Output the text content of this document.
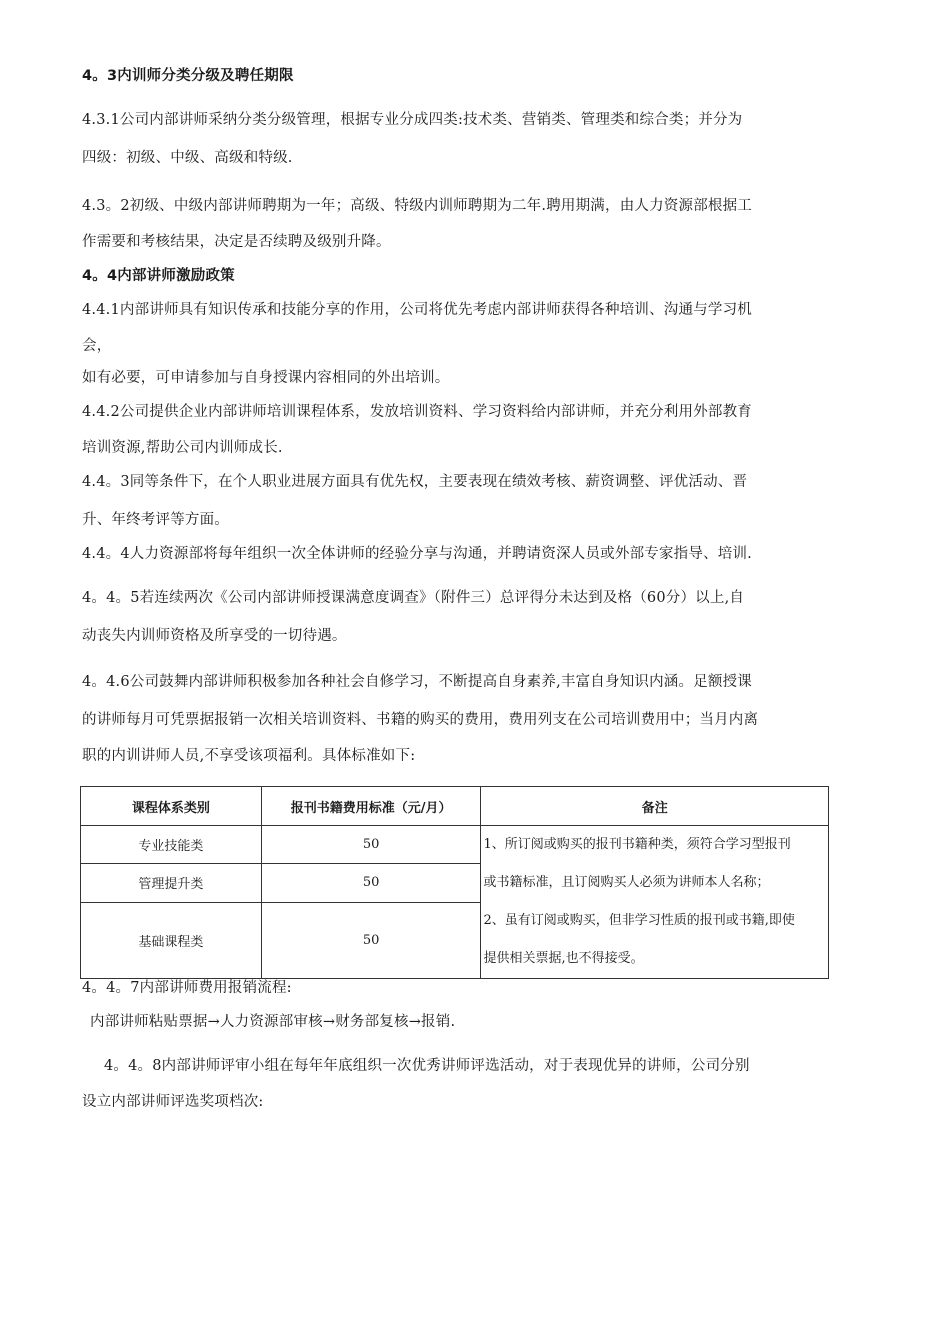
4。3内训师分类分级及聘任期限
4.3.1公司内部讲师采纳分类分级管理，根据专业分成四类:技术类、营销类、管理类和综合类；并分为
四级：初级、中级、高级和特级.
4.3。2初级、中级内部讲师聘期为一年；高级、特级内训师聘期为二年.聘用期满，由人力资源部根据工
作需要和考核结果，决定是否续聘及级别升降。
4。4内部讲师激励政策
4.4.1内部讲师具有知识传承和技能分享的作用，公司将优先考虑内部讲师获得各种培训、沟通与学习机
会，
如有必要，可申请参加与自身授课内容相同的外出培训。
4.4.2公司提供企业内部讲师培训课程体系，发放培训资料、学习资料给内部讲师，并充分利用外部教育
培训资源,帮助公司内训师成长.
4.4。3同等条件下，在个人职业进展方面具有优先权，主要表现在绩效考核、薪资调整、评优活动、晋
升、年终考评等方面。
4.4。4人力资源部将每年组织一次全体讲师的经验分享与沟通，并聘请资深人员或外部专家指导、培训.
4。4。5若连续两次《公司内部讲师授课满意度调查》（附件三）总评得分未达到及格（60分）以上,自
动丧失内训师资格及所享受的一切待遇。
4。4.6公司鼓舞内部讲师积极参加各种社会自修学习，不断提高自身素养,丰富自身知识内涵。足额授课
的讲师每月可凭票据报销一次相关培训资料、书籍的购买的费用，费用列支在公司培训费用中；当月内离
职的内训讲师人员,不享受该项福利。具体标准如下:
课程体系类别	报刊书籍费用标准（元/月）	备注
专业技能类	50	1、所订阅或购买的报刊书籍种类，须符合学习型报刊
或书籍标准，且订阅购买人必须为讲师本人名称；
2、虽有订阅或购买，但非学习性质的报刊或书籍,即使
提供相关票据,也不得接受。

管理提升类	50	
基础课程类	50	
4。4。7内部讲师费用报销流程:
内部讲师粘贴票据→人力资源部审核→财务部复核→报销.
4。4。8内部讲师评审小组在每年年底组织一次优秀讲师评选活动，对于表现优异的讲师，公司分别
设立内部讲师评选奖项档次:
